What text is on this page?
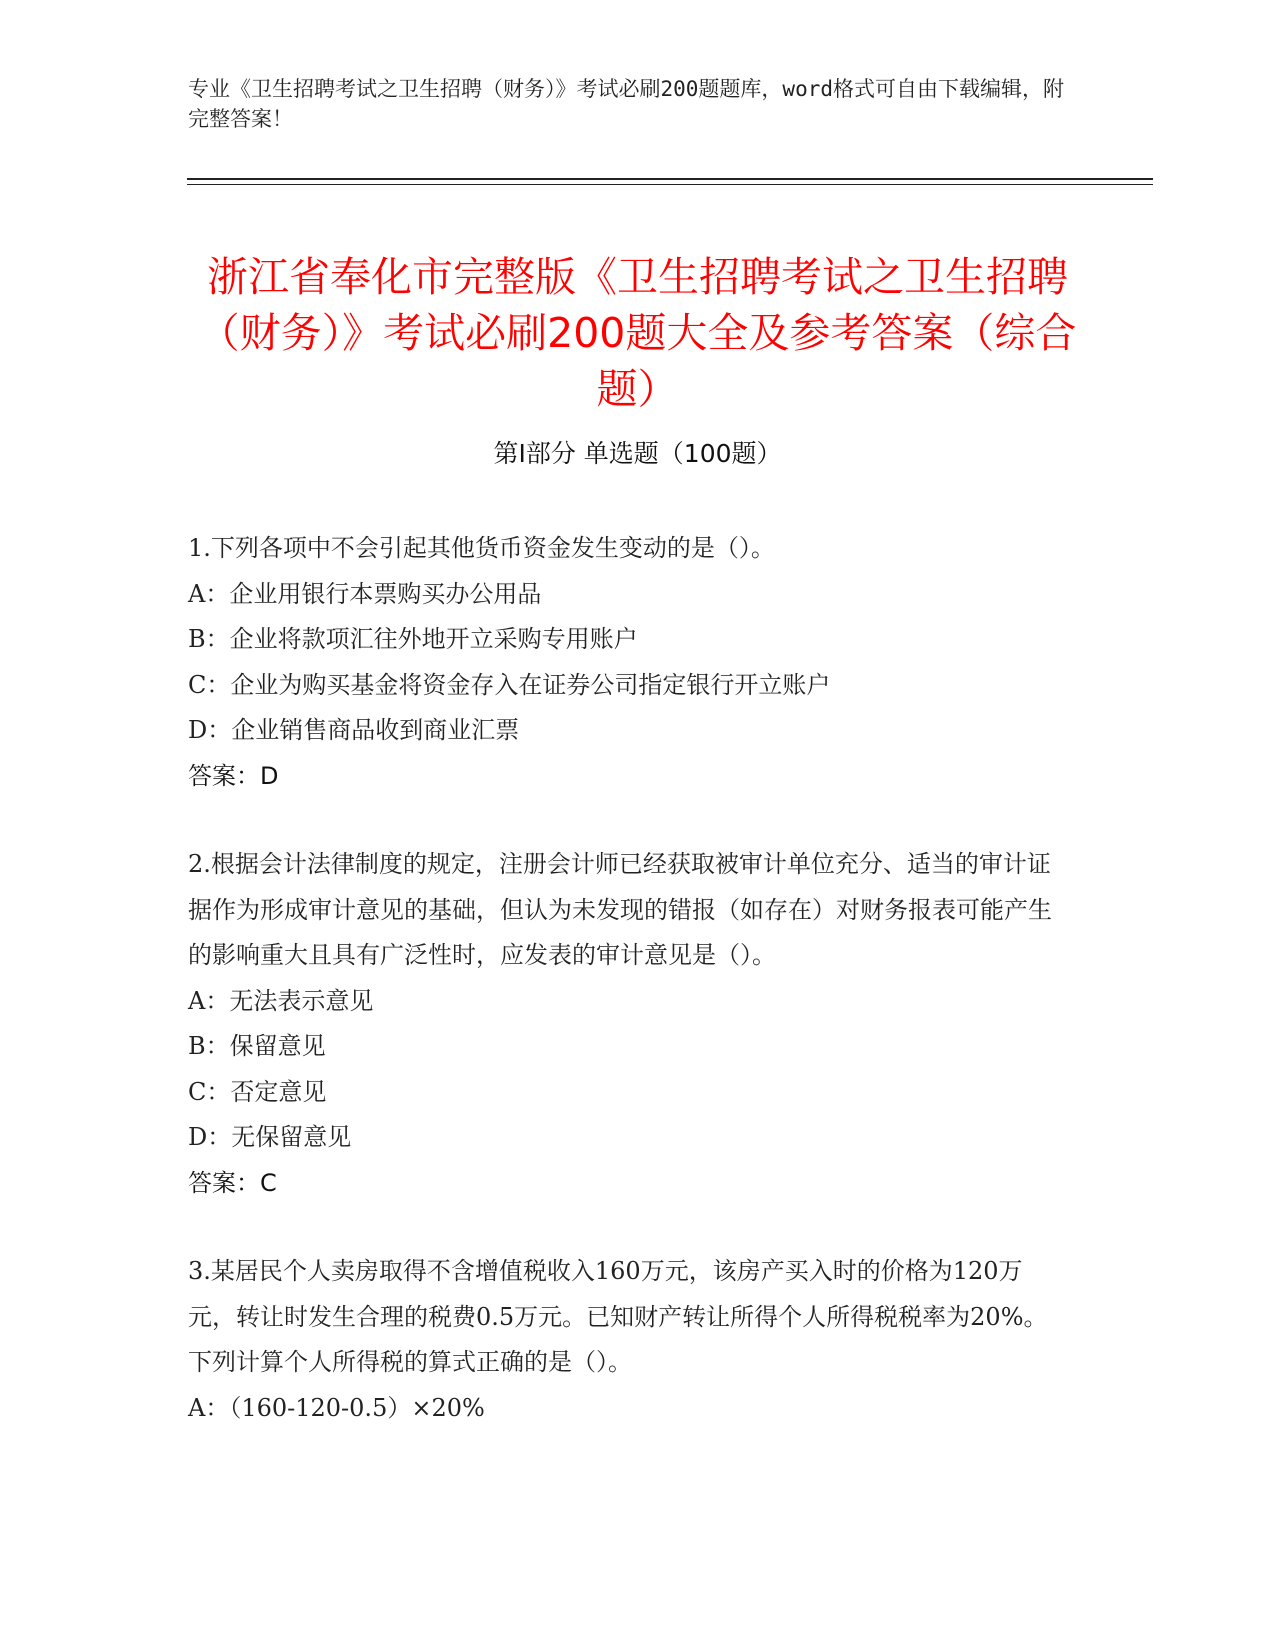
专业《卫生招聘考试之卫生招聘（财务）》考试必刷200题题库，word格式可自由下载编辑，附完整答案！
浙江省奉化市完整版《卫生招聘考试之卫生招聘（财务）》考试必刷200题大全及参考答案（综合题）
第Ⅰ部分 单选题（100题）

1.下列各项中不会引起其他货币资金发生变动的是（）。

A：企业用银行本票购买办公用品

B：企业将款项汇往外地开立采购专用账户

C：企业为购买基金将资金存入在证券公司指定银行开立账户

D：企业销售商品收到商业汇票

答案：D

2.根据会计法律制度的规定，注册会计师已经获取被审计单位充分、适当的审计证据作为形成审计意见的基础，但认为未发现的错报（如存在）对财务报表可能产生的影响重大且具有广泛性时，应发表的审计意见是（）。

A：无法表示意见

B：保留意见

C：否定意见

D：无保留意见

答案：C

3.某居民个人卖房取得不含增值税收入160万元，该房产买入时的价格为120万元，转让时发生合理的税费0.5万元。已知财产转让所得个人所得税税率为20%。下列计算个人所得税的算式正确的是（）。

A：（160-120-0.5）×20%
